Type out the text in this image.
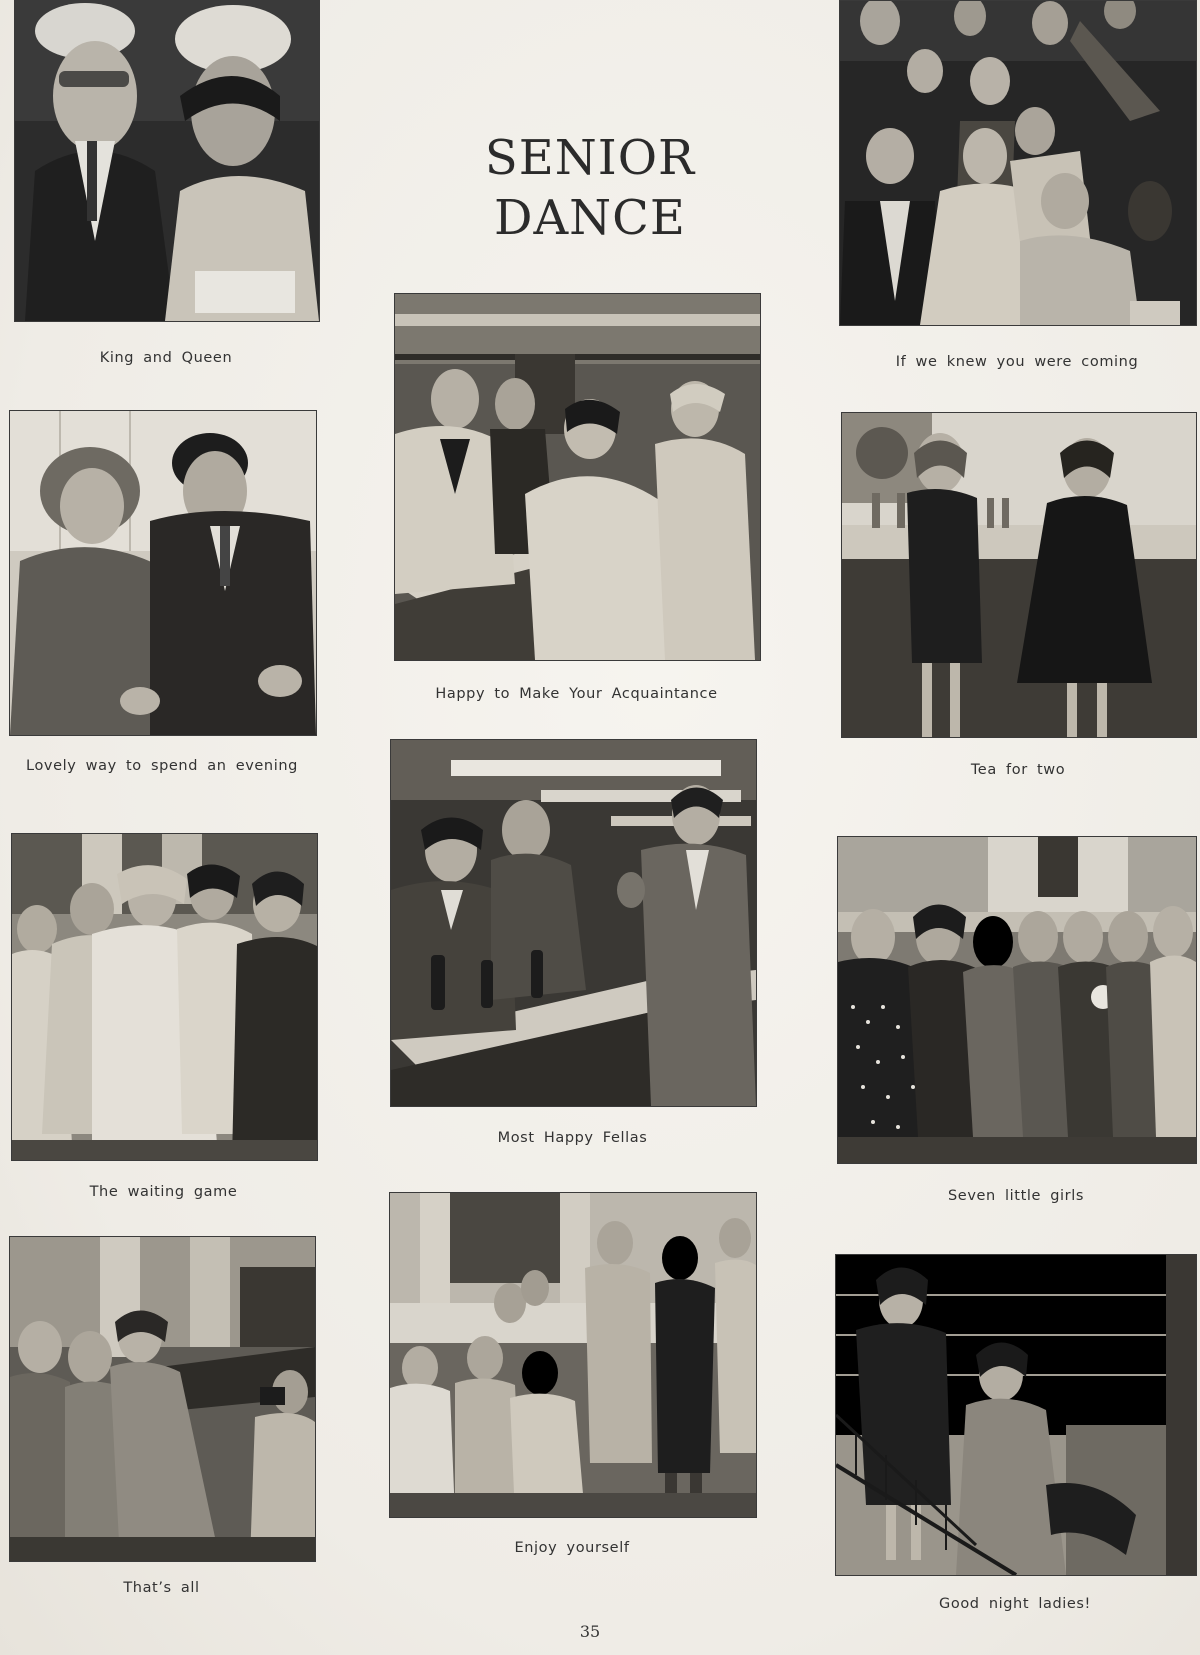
SENIOR
DANCE
King and Queen	If we knew you were coming
Happy to Make Your Acquaintance
Lovely way to spend an evening	Tea for two
Most Happy Fellas
The waiting game	Seven little girls
That’s all
Enjoy yourself
Good night ladies!
35
